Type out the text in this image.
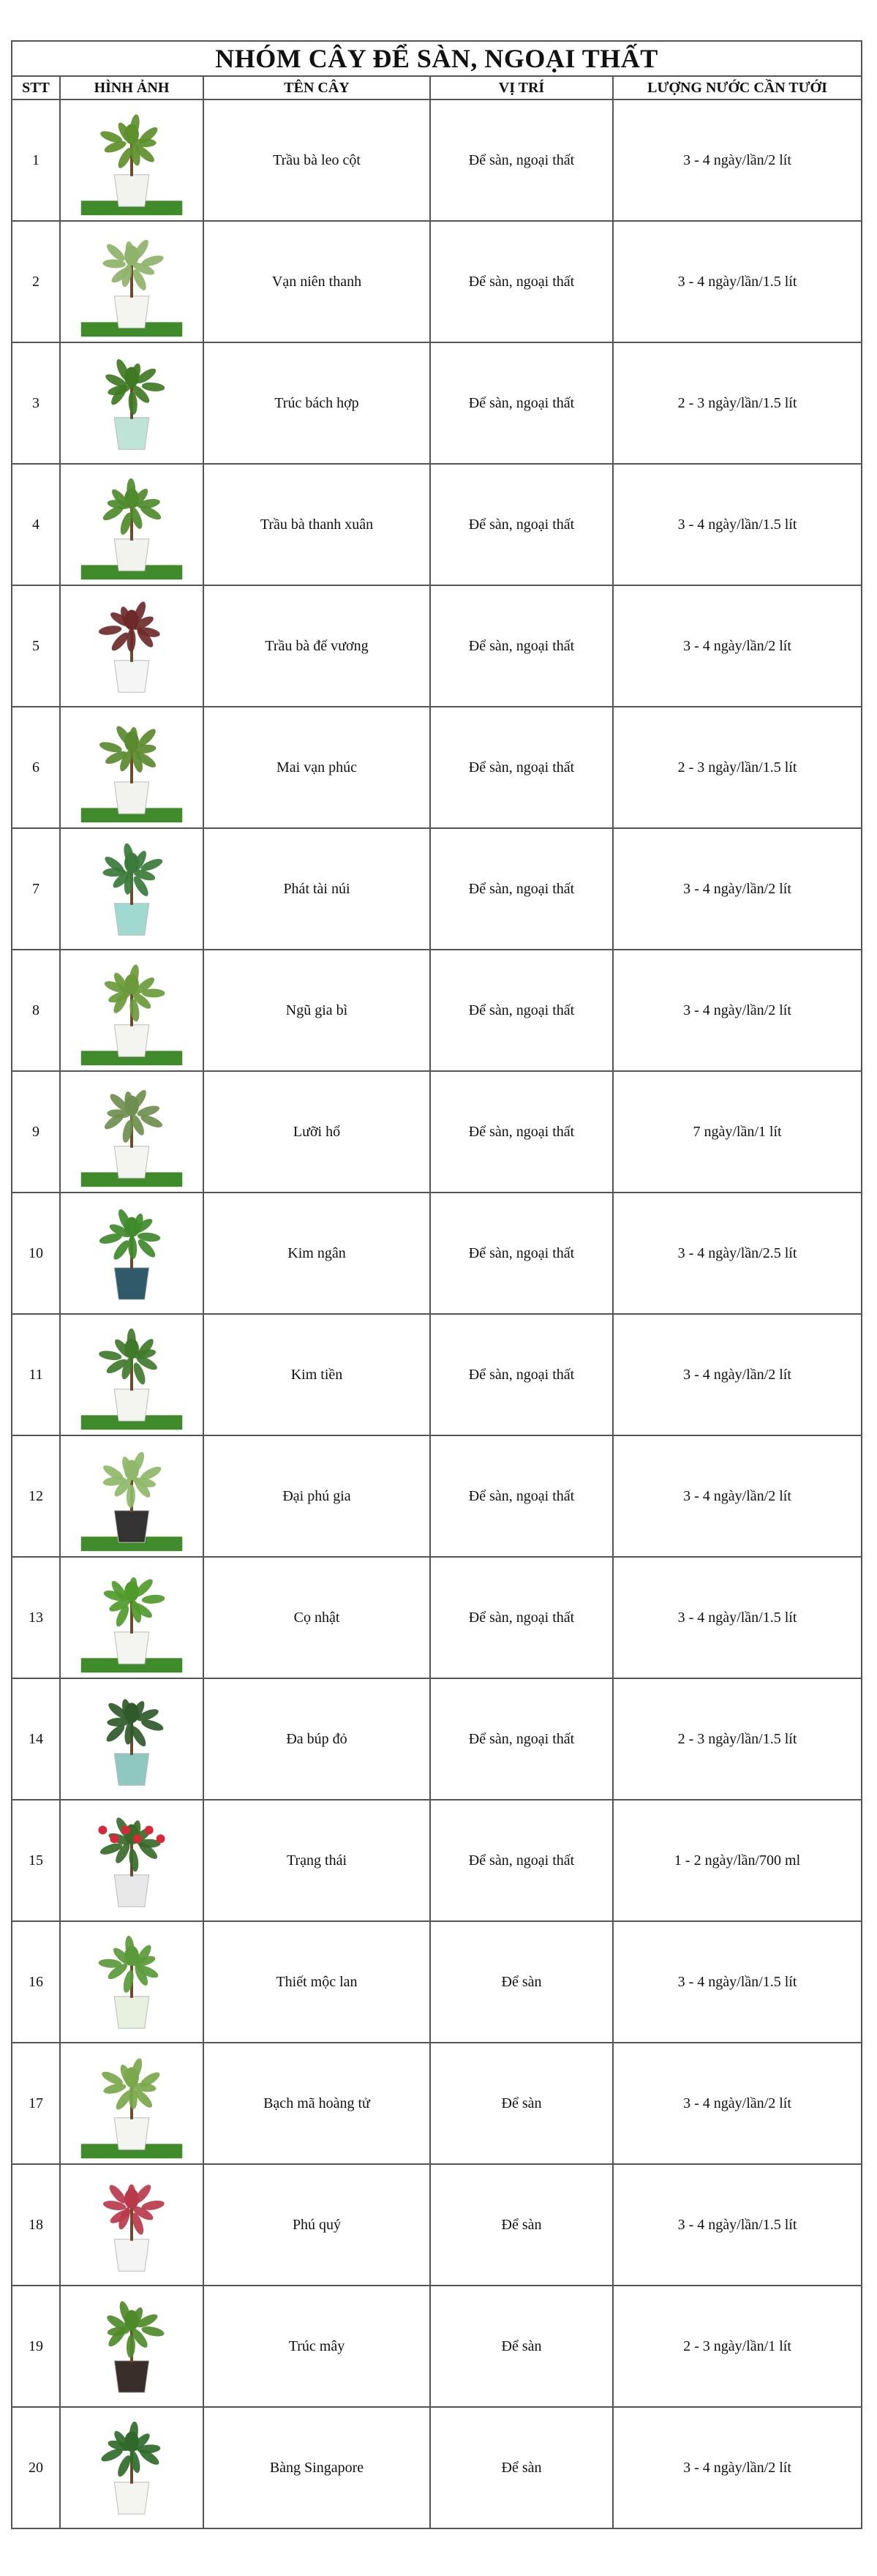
NHÓM CÂY ĐỂ SÀN, NGOẠI THẤT				
STT	HÌNH ẢNH	TÊN CÂY	VỊ TRÍ	LƯỢNG NƯỚC CẦN TƯỚI
1		Trầu bà leo cột	Để sàn, ngoại thất	3 - 4 ngày/lần/2 lít
2		Vạn niên thanh	Để sàn, ngoại thất	3 - 4 ngày/lần/1.5 lít
3		Trúc bách hợp	Để sàn, ngoại thất	2 - 3 ngày/lần/1.5 lít
4		Trầu bà thanh xuân	Để sàn, ngoại thất	3 - 4 ngày/lần/1.5 lít
5		Trầu bà đế vương	Để sàn, ngoại thất	3 - 4 ngày/lần/2 lít
6		Mai vạn phúc	Để sàn, ngoại thất	2 - 3 ngày/lần/1.5 lít
7		Phát tài núi	Để sàn, ngoại thất	3 - 4 ngày/lần/2 lít
8		Ngũ gia bì	Để sàn, ngoại thất	3 - 4 ngày/lần/2 lít
9		Lưỡi hổ	Để sàn, ngoại thất	7 ngày/lần/1 lít
10		Kim ngân	Để sàn, ngoại thất	3 - 4 ngày/lần/2.5 lít
11		Kim tiền	Để sàn, ngoại thất	3 - 4 ngày/lần/2 lít
12		Đại phú gia	Để sàn, ngoại thất	3 - 4 ngày/lần/2 lít
13		Cọ nhật	Để sàn, ngoại thất	3 - 4 ngày/lần/1.5 lít
14		Đa búp đỏ	Để sàn, ngoại thất	2 - 3 ngày/lần/1.5 lít
15		Trạng thái	Để sàn, ngoại thất	1 - 2 ngày/lần/700 ml
16		Thiết mộc lan	Để sàn	3 - 4 ngày/lần/1.5 lít
17		Bạch mã hoàng tử	Để sàn	3 - 4 ngày/lần/2 lít
18		Phú quý	Để sàn	3 - 4 ngày/lần/1.5 lít
19		Trúc mây	Để sàn	2 - 3 ngày/lần/1 lít
20		Bàng Singapore	Để sàn	3 - 4 ngày/lần/2 lít
